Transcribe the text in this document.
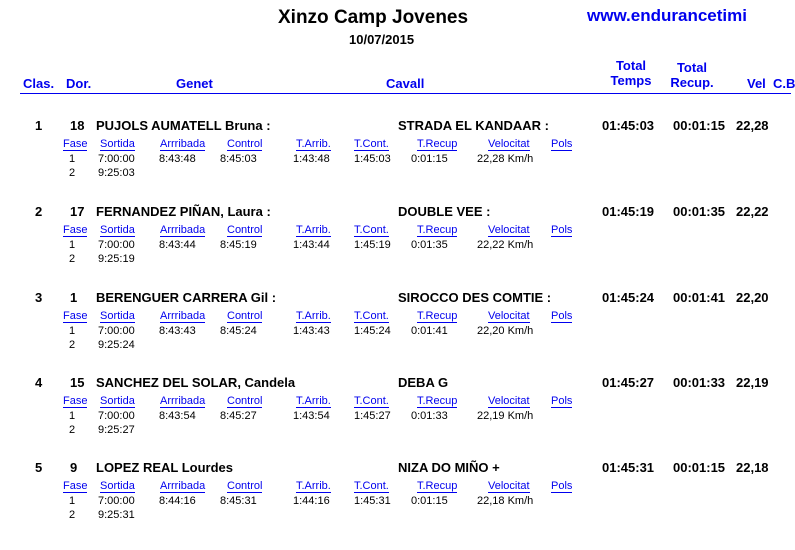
Xinzo Camp Jovenes
10/07/2015
www.endurancetimi
Clas. Dor.	Genet	Cavall
Total
Temps
Total
Recup.	Vel C.B
1 18 PUJOLS AUMATELL Bruna :	STRADA EL KANDAAR :	01:45:03 00:01:15 22,28
Fase Sortida Arrribada Control	T.Arrib. T.Cont.	T.Recup	Velocitat Pols
1 7:00:00 8:43:48 8:45:03	1:43:48 1:45:03 0:01:15	22,28 Km/h
2 9:25:03
2 17 FERNANDEZ PIÑAN, Laura :	DOUBLE VEE :	01:45:19 00:01:35 22,22
Fase Sortida Arrribada Control	T.Arrib. T.Cont.	T.Recup	Velocitat Pols
1 7:00:00 8:43:44 8:45:19	1:43:44 1:45:19 0:01:35	22,22 Km/h
2 9:25:19
3 1 BERENGUER CARRERA Gil :	SIROCCO DES COMTIE :	01:45:24 00:01:41 22,20
Fase Sortida Arrribada Control	T.Arrib. T.Cont.	T.Recup	Velocitat Pols
1 7:00:00 8:43:43 8:45:24	1:43:43 1:45:24 0:01:41	22,20 Km/h
2 9:25:24
4 15 SANCHEZ DEL SOLAR, Candela	DEBA G	01:45:27 00:01:33 22,19
Fase Sortida Arrribada Control	T.Arrib. T.Cont.	T.Recup	Velocitat Pols
1 7:00:00 8:43:54 8:45:27	1:43:54 1:45:27 0:01:33	22,19 Km/h
2 9:25:27
5 9 LOPEZ REAL Lourdes	NIZA DO MIÑO +	01:45:31 00:01:15 22,18
Fase Sortida Arrribada Control	T.Arrib. T.Cont.	T.Recup	Velocitat Pols
1 7:00:00 8:44:16 8:45:31	1:44:16 1:45:31 0:01:15	22,18 Km/h
2 9:25:31
